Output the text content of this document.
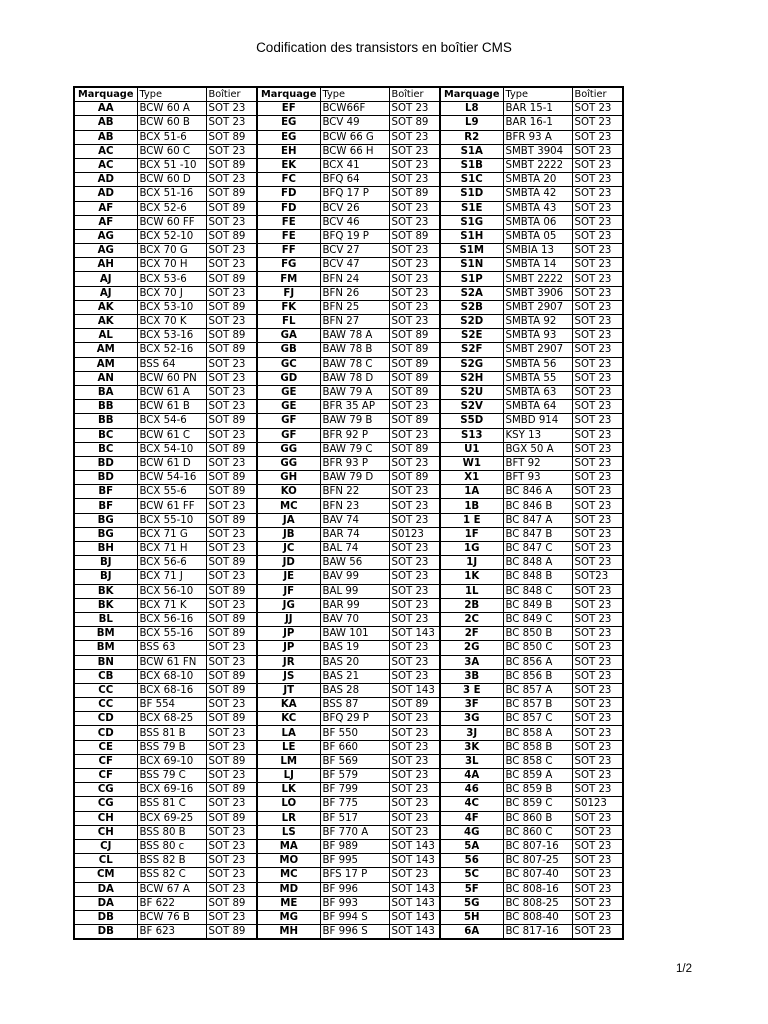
Codification des transistors en boîtier CMS
Marquage	Type	Boîtier	Marquage	Type	Boîtier	Marquage	Type	Boîtier
AA	BCW 60 A	SOT 23	EF	BCW66F	SOT 23	L8	BAR 15-1	SOT 23
AB	BCW 60 B	SOT 23	EG	BCV 49	SOT 89	L9	BAR 16-1	SOT 23
AB	BCX 51-6	SOT 89	EG	BCW 66 G	SOT 23	R2	BFR 93 A	SOT 23
AC	BCW 60 C	SOT 23	EH	BCW 66 H	SOT 23	S1A	SMBT 3904	SOT 23
AC	BCX 51 -10	SOT 89	EK	BCX 41	SOT 23	S1B	SMBT 2222	SOT 23
AD	BCW 60 D	SOT 23	FC	BFQ 64	SOT 23	S1C	SMBTA 20	SOT 23
AD	BCX 51-16	SOT 89	FD	BFQ 17 P	SOT 89	S1D	SMBTA 42	SOT 23
AF	BCX 52-6	SOT 89	FD	BCV 26	SOT 23	S1E	SMBTA 43	SOT 23
AF	BCW 60 FF	SOT 23	FE	BCV 46	SOT 23	S1G	SMBTA 06	SOT 23
AG	BCX 52-10	SOT 89	FE	BFQ 19 P	SOT 89	S1H	SMBTA 05	SOT 23
AG	BCX 70 G	SOT 23	FF	BCV 27	SOT 23	S1M	SMBIA 13	SOT 23
AH	BCX 70 H	SOT 23	FG	BCV 47	SOT 23	S1N	SMBTA 14	SOT 23
AJ	BCX 53-6	SOT 89	FM	BFN 24	SOT 23	S1P	SMBT 2222	SOT 23
AJ	BCX 70 J	SOT 23	FJ	BFN 26	SOT 23	S2A	SMBT 3906	SOT 23
AK	BCX 53-10	SOT 89	FK	BFN 25	SOT 23	S2B	SMBT 2907	SOT 23
AK	BCX 70 K	SOT 23	FL	BFN 27	SOT 23	S2D	SMBTA 92	SOT 23
AL	BCX 53-16	SOT 89	GA	BAW 78 A	SOT 89	S2E	SMBTA 93	SOT 23
AM	BCX 52-16	SOT 89	GB	BAW 78 B	SOT 89	S2F	SMBT 2907	SOT 23
AM	BSS 64	SOT 23	GC	BAW 78 C	SOT 89	S2G	SMBTA 56	SOT 23
AN	BCW 60 PN	SOT 23	GD	BAW 78 D	SOT 89	S2H	SMBTA 55	SOT 23
BA	BCW 61 A	SOT 23	GE	BAW 79 A	SOT 89	S2U	SMBTA 63	SOT 23
BB	BCW 61 B	SOT 23	GE	BFR 35 AP	SOT 23	S2V	SMBTA 64	SOT 23
BB	BCX 54-6	SOT 89	GF	BAW 79 B	SOT 89	S5D	SMBD 914	SOT 23
BC	BCW 61 C	SOT 23	GF	BFR 92 P	SOT 23	S13	KSY 13	SOT 23
BC	BCX 54-10	SOT 89	GG	BAW 79 C	SOT 89	U1	BGX 50 A	SOT 23
BD	BCW 61 D	SOT 23	GG	BFR 93 P	SOT 23	W1	BFT 92	SOT 23
BD	BCW 54-16	SOT 89	GH	BAW 79 D	SOT 89	X1	BFT 93	SOT 23
BF	BCX 55-6	SOT 89	KO	BFN 22	SOT 23	1A	BC 846 A	SOT 23
BF	BCW 61 FF	SOT 23	MC	BFN 23	SOT 23	1B	BC 846 B	SOT 23
BG	BCX 55-10	SOT 89	JA	BAV 74	SOT 23	1 E	BC 847 A	SOT 23
BG	BCX 71 G	SOT 23	JB	BAR 74	S0123	1F	BC 847 B	SOT 23
BH	BCX 71 H	SOT 23	JC	BAL 74	SOT 23	1G	BC 847 C	SOT 23
BJ	BCX 56-6	SOT 89	JD	BAW 56	SOT 23	1J	BC 848 A	SOT 23
BJ	BCX 71 J	SOT 23	JE	BAV 99	SOT 23	1K	BC 848 B	SOT23
BK	BCX 56-10	SOT 89	JF	BAL 99	SOT 23	1L	BC 848 C	SOT 23
BK	BCX 71 K	SOT 23	JG	BAR 99	SOT 23	2B	BC 849 B	SOT 23
BL	BCX 56-16	SOT 89	JJ	BAV 70	SOT 23	2C	BC 849 C	SOT 23
BM	BCX 55-16	SOT 89	JP	BAW 101	SOT 143	2F	BC 850 B	SOT 23
BM	BSS 63	SOT 23	JP	BAS 19	SOT 23	2G	BC 850 C	SOT 23
BN	BCW 61 FN	SOT 23	JR	BAS 20	SOT 23	3A	BC 856 A	SOT 23
CB	BCX 68-10	SOT 89	JS	BAS 21	SOT 23	3B	BC 856 B	SOT 23
CC	BCX 68-16	SOT 89	JT	BAS 28	SOT 143	3 E	BC 857 A	SOT 23
CC	BF 554	SOT 23	KA	BSS 87	SOT 89	3F	BC 857 B	SOT 23
CD	BCX 68-25	SOT 89	KC	BFQ 29 P	SOT 23	3G	BC 857 C	SOT 23
CD	BSS 81 B	SOT 23	LA	BF 550	SOT 23	3J	BC 858 A	SOT 23
CE	BSS 79 B	SOT 23	LE	BF 660	SOT 23	3K	BC 858 B	SOT 23
CF	BCX 69-10	SOT 89	LM	BF 569	SOT 23	3L	BC 858 C	SOT 23
CF	BSS 79 C	SOT 23	LJ	BF 579	SOT 23	4A	BC 859 A	SOT 23
CG	BCX 69-16	SOT 89	LK	BF 799	SOT 23	46	BC 859 B	SOT 23
CG	BSS 81 C	SOT 23	LO	BF 775	SOT 23	4C	BC 859 C	S0123
CH	BCX 69-25	SOT 89	LR	BF 517	SOT 23	4F	BC 860 B	SOT 23
CH	BSS 80 B	SOT 23	LS	BF 770 A	SOT 23	4G	BC 860 C	SOT 23
CJ	BSS 80 c	SOT 23	MA	BF 989	SOT 143	5A	BC 807-16	SOT 23
CL	BSS 82 B	SOT 23	MO	BF 995	SOT 143	56	BC 807-25	SOT 23
CM	BSS 82 C	SOT 23	MC	BFS 17 P	SOT 23	5C	BC 807-40	SOT 23
DA	BCW 67 A	SOT 23	MD	BF 996	SOT 143	5F	BC 808-16	SOT 23
DA	BF 622	SOT 89	ME	BF 993	SOT 143	5G	BC 808-25	SOT 23
DB	BCW 76 B	SOT 23	MG	BF 994 S	SOT 143	5H	BC 808-40	SOT 23
DB	BF 623	SOT 89	MH	BF 996 S	SOT 143	6A	BC 817-16	SOT 23
1/2
